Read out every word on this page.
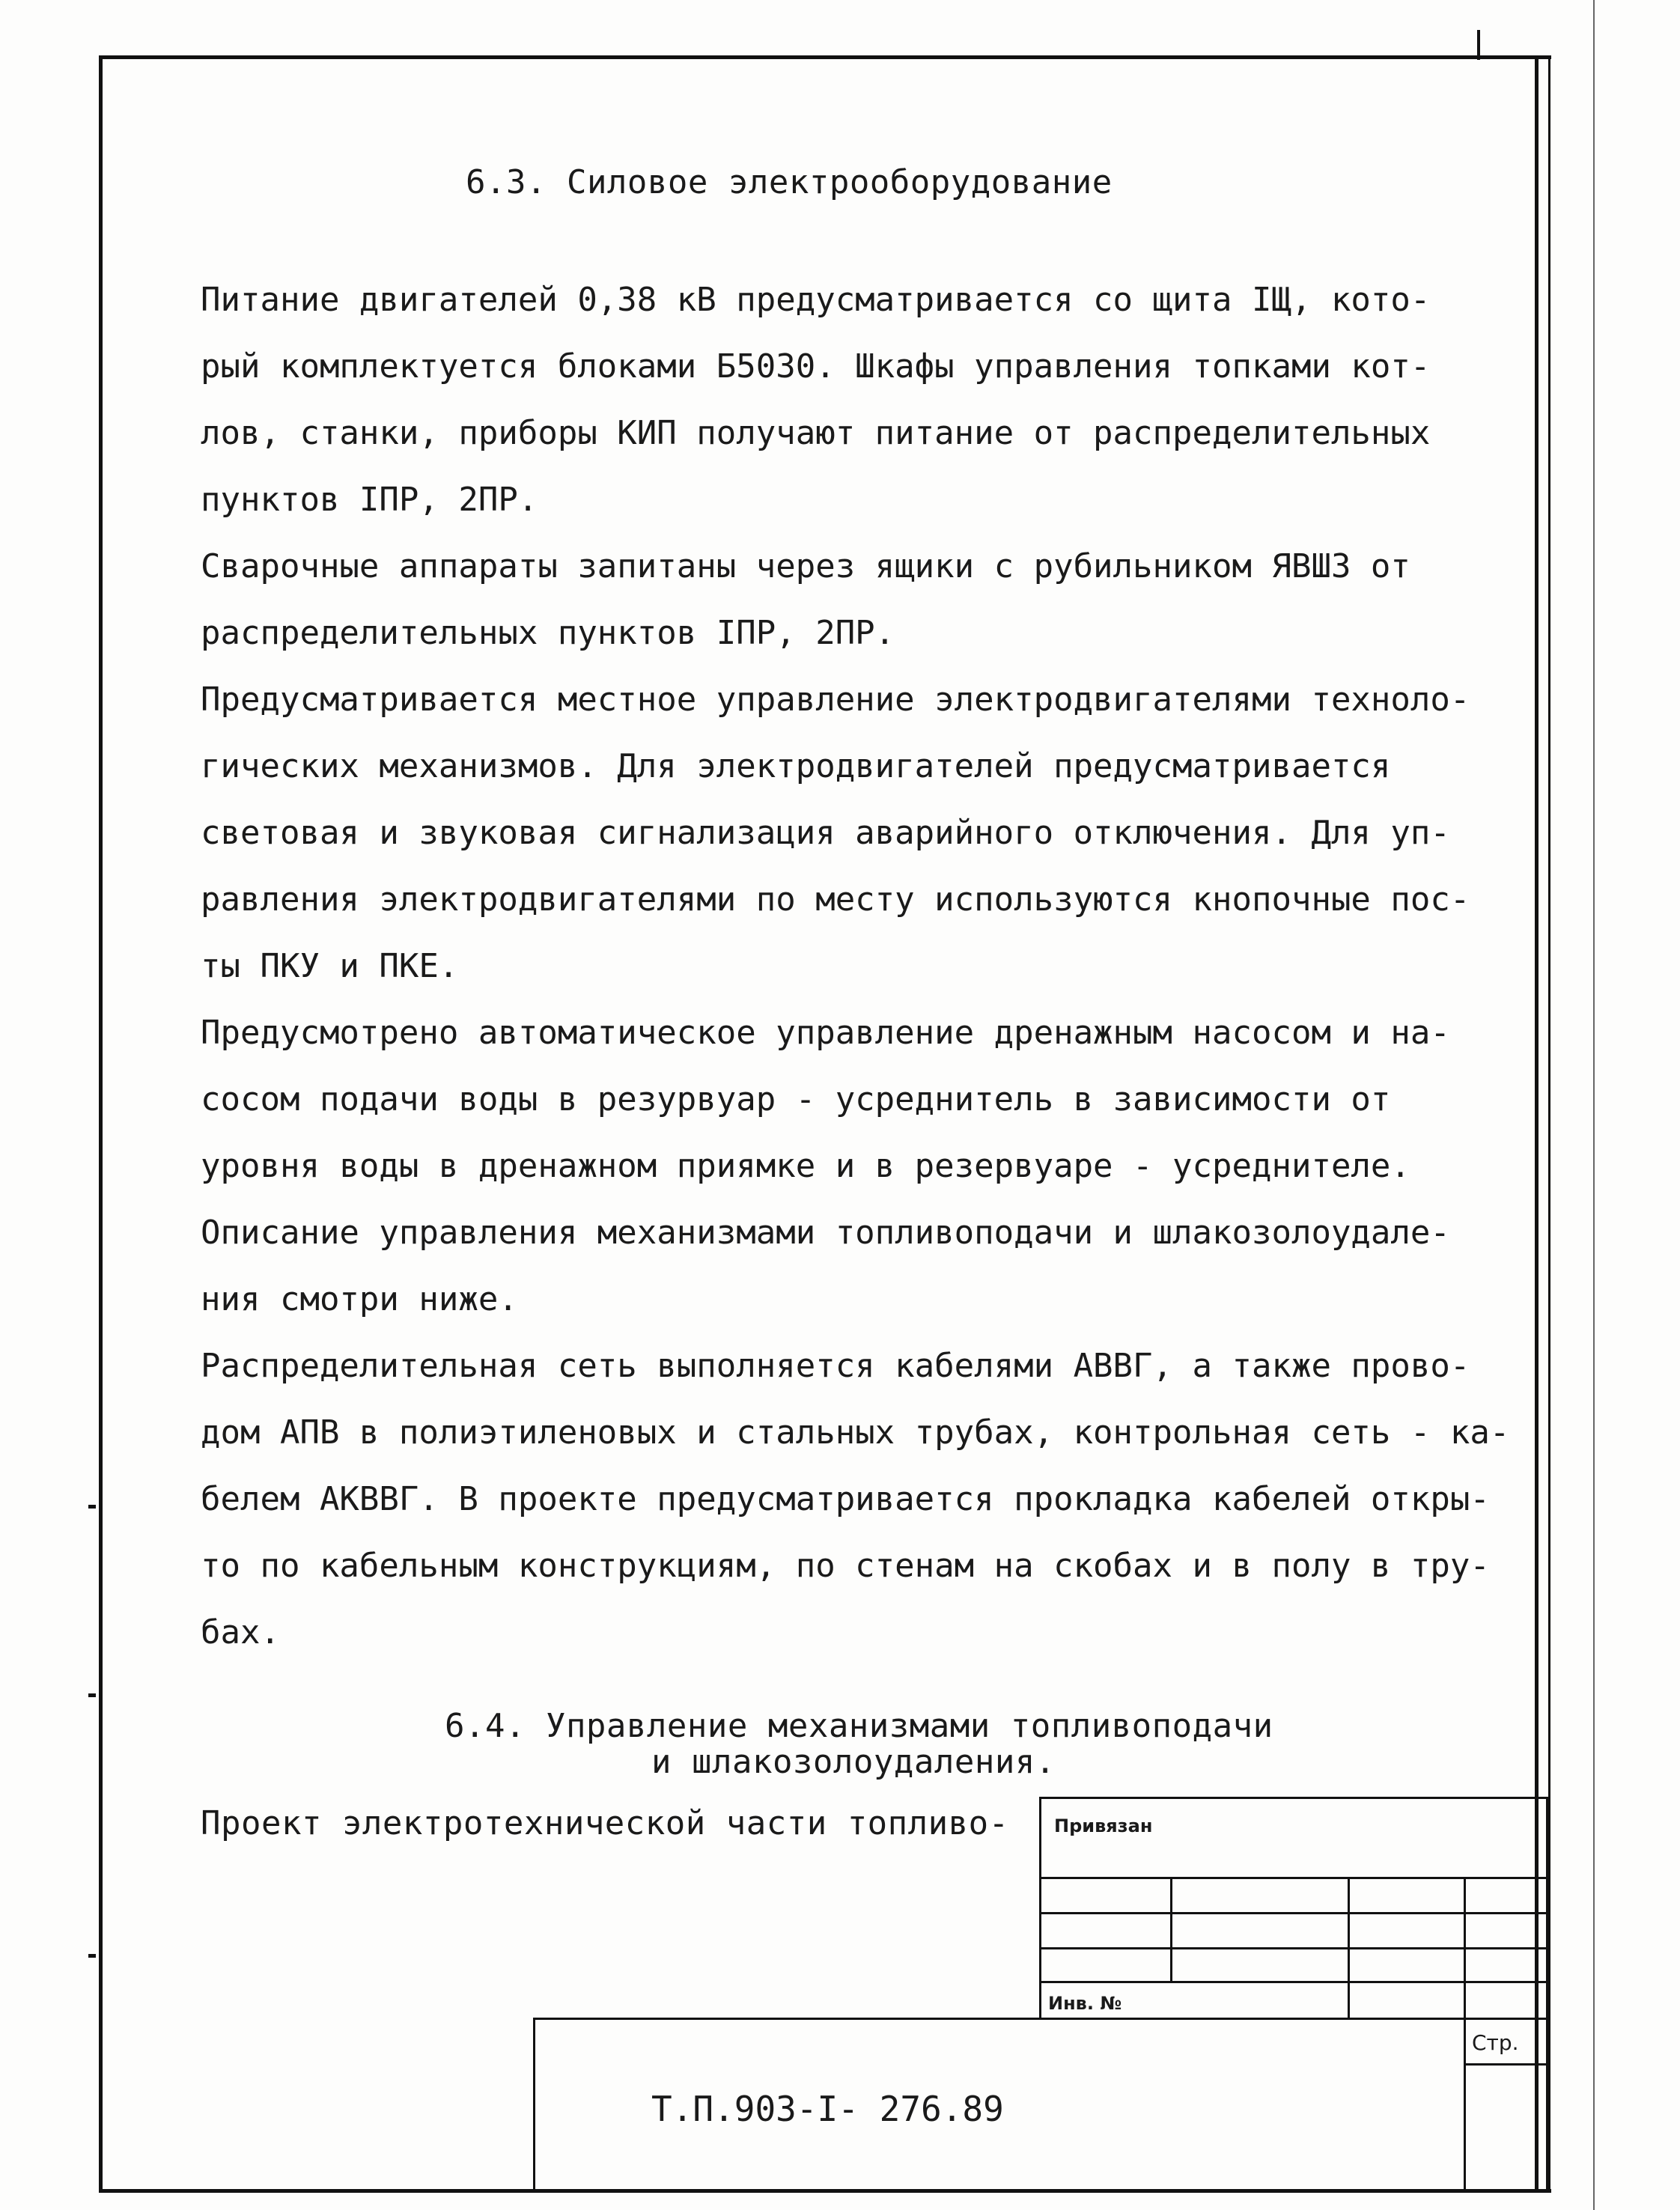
6.3. Силовое электрооборудование
Питание двигателей 0,38 кВ предусматривается со щита IЩ, кото-
рый комплектуется блоками Б5030. Шкафы управления топками кот-
лов, станки, приборы КИП получают питание от распределительных
пунктов IПР, 2ПР.
Сварочные аппараты запитаны через ящики с рубильником ЯВШ3 от
распределительных пунктов IПР, 2ПР.
Предусматривается местное управление электродвигателями техноло-
гических механизмов. Для электродвигателей предусматривается
световая и звуковая сигнализация аварийного отключения. Для уп-
равления электродвигателями по месту используются кнопочные пос-
ты ПКУ и ПКЕ.
Предусмотрено автоматическое управление дренажным насосом и на-
сосом подачи воды в резурвуар - усреднитель в зависимости от
уровня воды в дренажном приямке и в резервуаре - усреднителе.
Описание управления механизмами топливоподачи и шлакозолоудале-
ния смотри ниже.
Распределительная сеть выполняется кабелями АВВГ, а также прово-
дом АПВ в полиэтиленовых и стальных трубах, контрольная сеть - ка-
белем АКВВГ. В проекте предусматривается прокладка кабелей откры-
то по кабельным конструкциям, по стенам на скобах и в полу в тру-
бах.
6.4. Управление механизмами топливоподачи
и шлакозолоудаления.
Проект электротехнической части топливо-	Привязан
Инв. №
Стр.
Т.П.903-I- 276.89
